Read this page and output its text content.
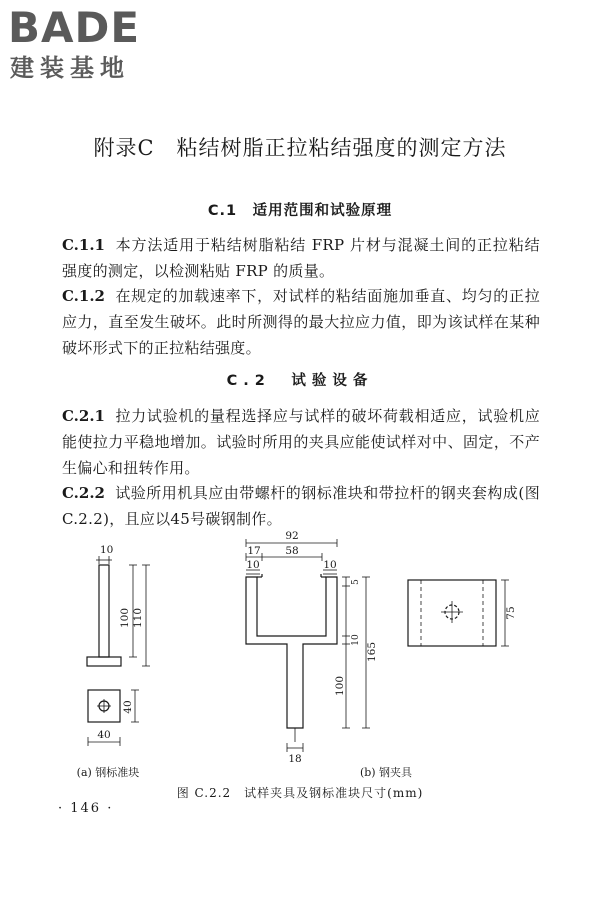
BADE
建装基地
附录C　粘结树脂正拉粘结强度的测定方法
C.1　适用范围和试验原理
C.1.1 本方法适用于粘结树脂粘结 FRP 片材与混凝土间的正拉粘结强度的测定，以检测粘贴 FRP 的质量。
C.1.2 在规定的加载速率下，对试样的粘结面施加垂直、均匀的正拉应力，直至发生破坏。此时所测得的最大拉应力值，即为该试样在某种破坏形式下的正拉粘结强度。
C.2　试验设备
C.2.1 拉力试验机的量程选择应与试样的破坏荷载相适应，试验机应能使拉力平稳地增加。试验时所用的夹具应能使试样对中、固定，不产生偏心和扭转作用。
C.2.2 试验所用机具应由带螺杆的钢标准块和带拉杆的钢夹套构成(图C.2.2)，且应以45号碳钢制作。
10
100 110
40
40
92
17 58
10	10
5
10
165
100
18
75
(a) 钢标准块	(b) 钢夹具
图 C.2.2　试样夹具及钢标准块尺寸(mm)
· 146 ·
